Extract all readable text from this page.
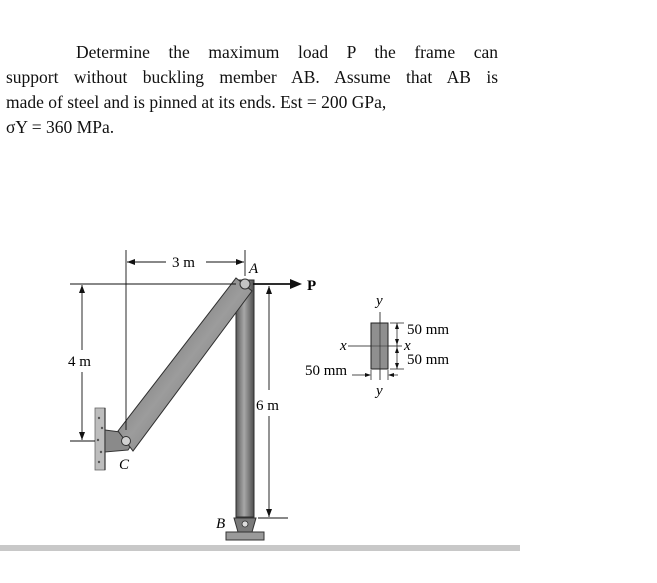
Determine the maximum load P the frame can
support without buckling member AB. Assume that AB is
made of steel and is pinned at its ends. Est = 200 GPa,
σY = 360 MPa.
P
A
B
C
3 m
4 m
6 m
y
y
x	x
50 mm
50 mm
50 mm
